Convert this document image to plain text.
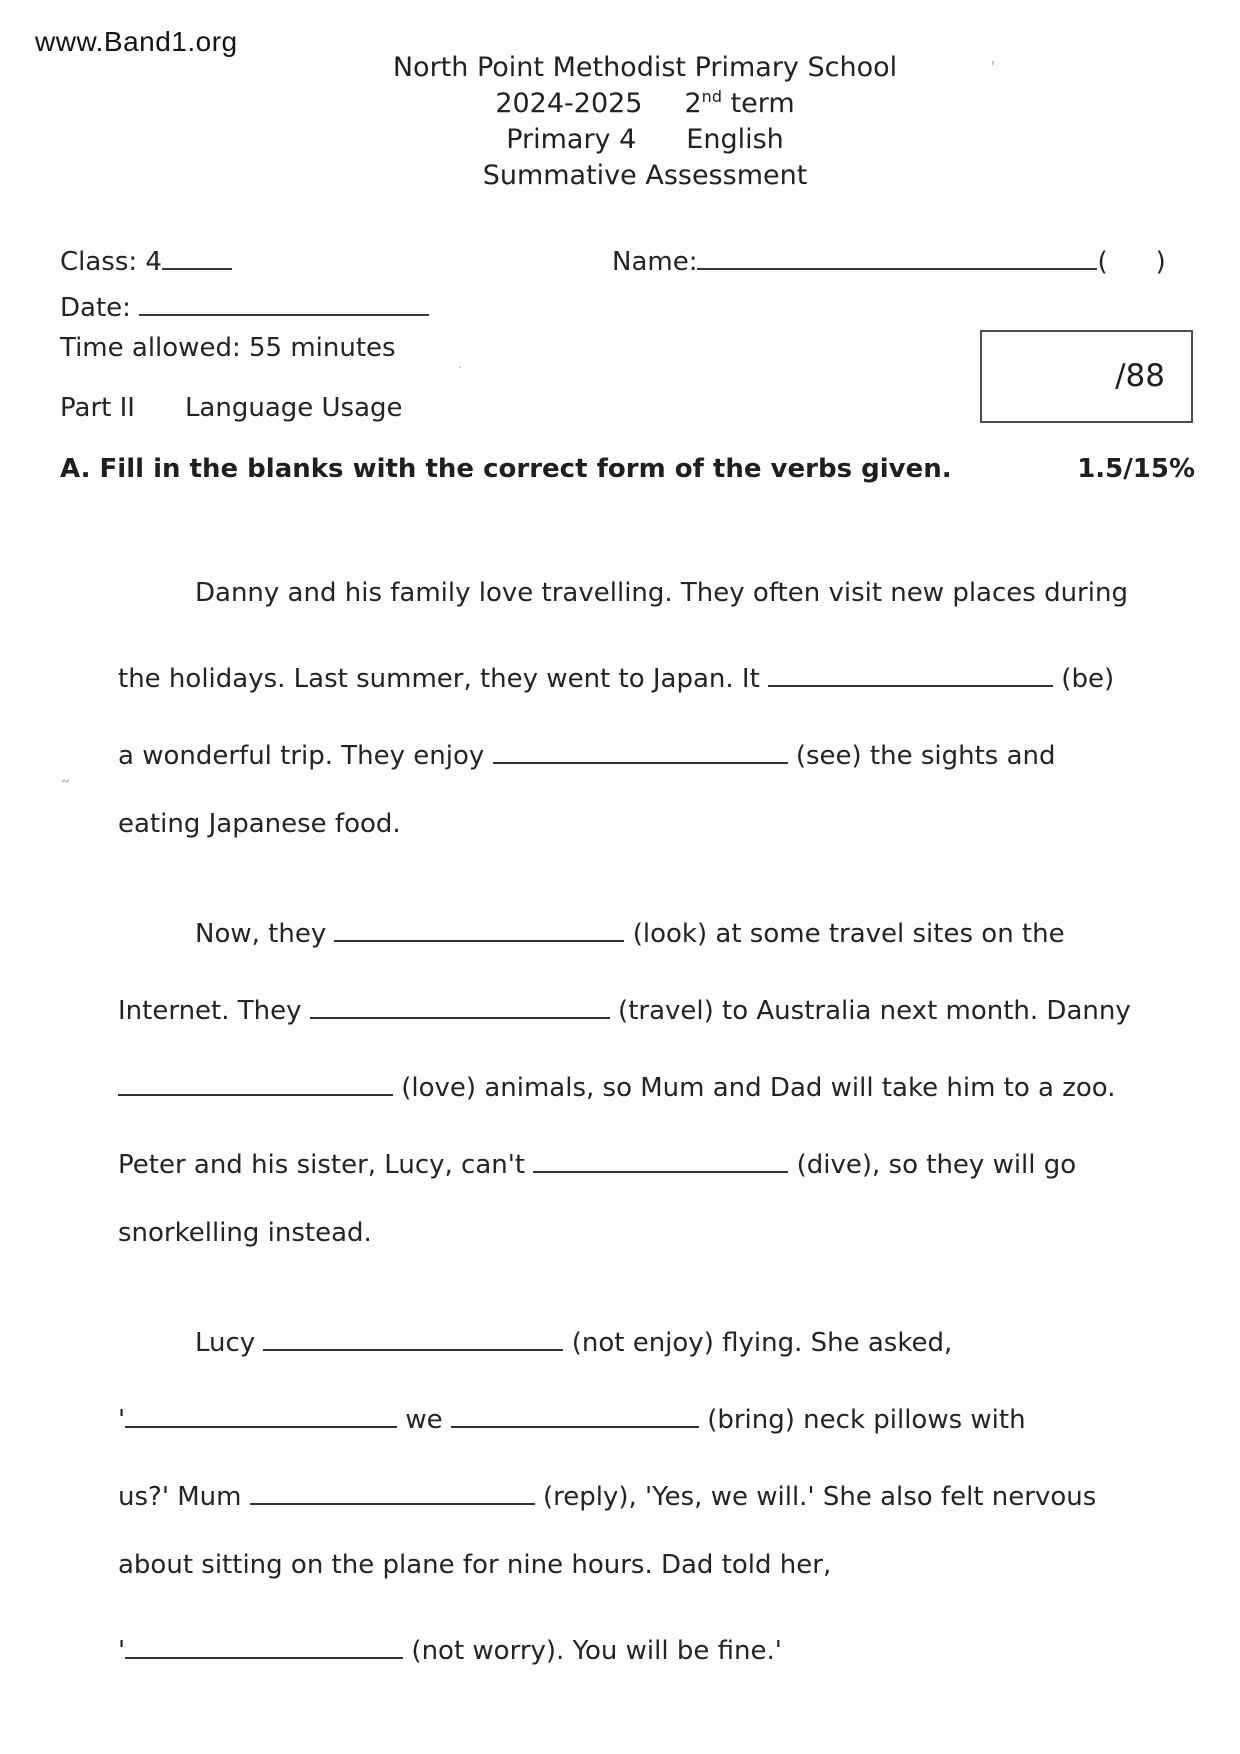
www.Band1.org
North Point Methodist Primary School
2024-2025 2nd term
Primary 4 English
Summative Assessment
Class: 4	Name:	( )
Date:
Time allowed: 55 minutes
Part II Language Usage
/88
A. Fill in the blanks with the correct form of the verbs given.	1.5/15%
Danny and his family love travelling. They often visit new places during
the holidays. Last summer, they went to Japan. It	(be)
a wonderful trip. They enjoy	(see) the sights and
eating Japanese food.
Now, they	(look) at some travel sites on the
Internet. They	(travel) to Australia next month. Danny
(love) animals, so Mum and Dad will take him to a zoo.
Peter and his sister, Lucy, can't	(dive), so they will go
snorkelling instead.
Lucy	(not enjoy) flying. She asked,
'	we	(bring) neck pillows with
us?' Mum	(reply), 'Yes, we will.' She also felt nervous
about sitting on the plane for nine hours. Dad told her,
'	(not worry). You will be fine.'
’
˜
·
